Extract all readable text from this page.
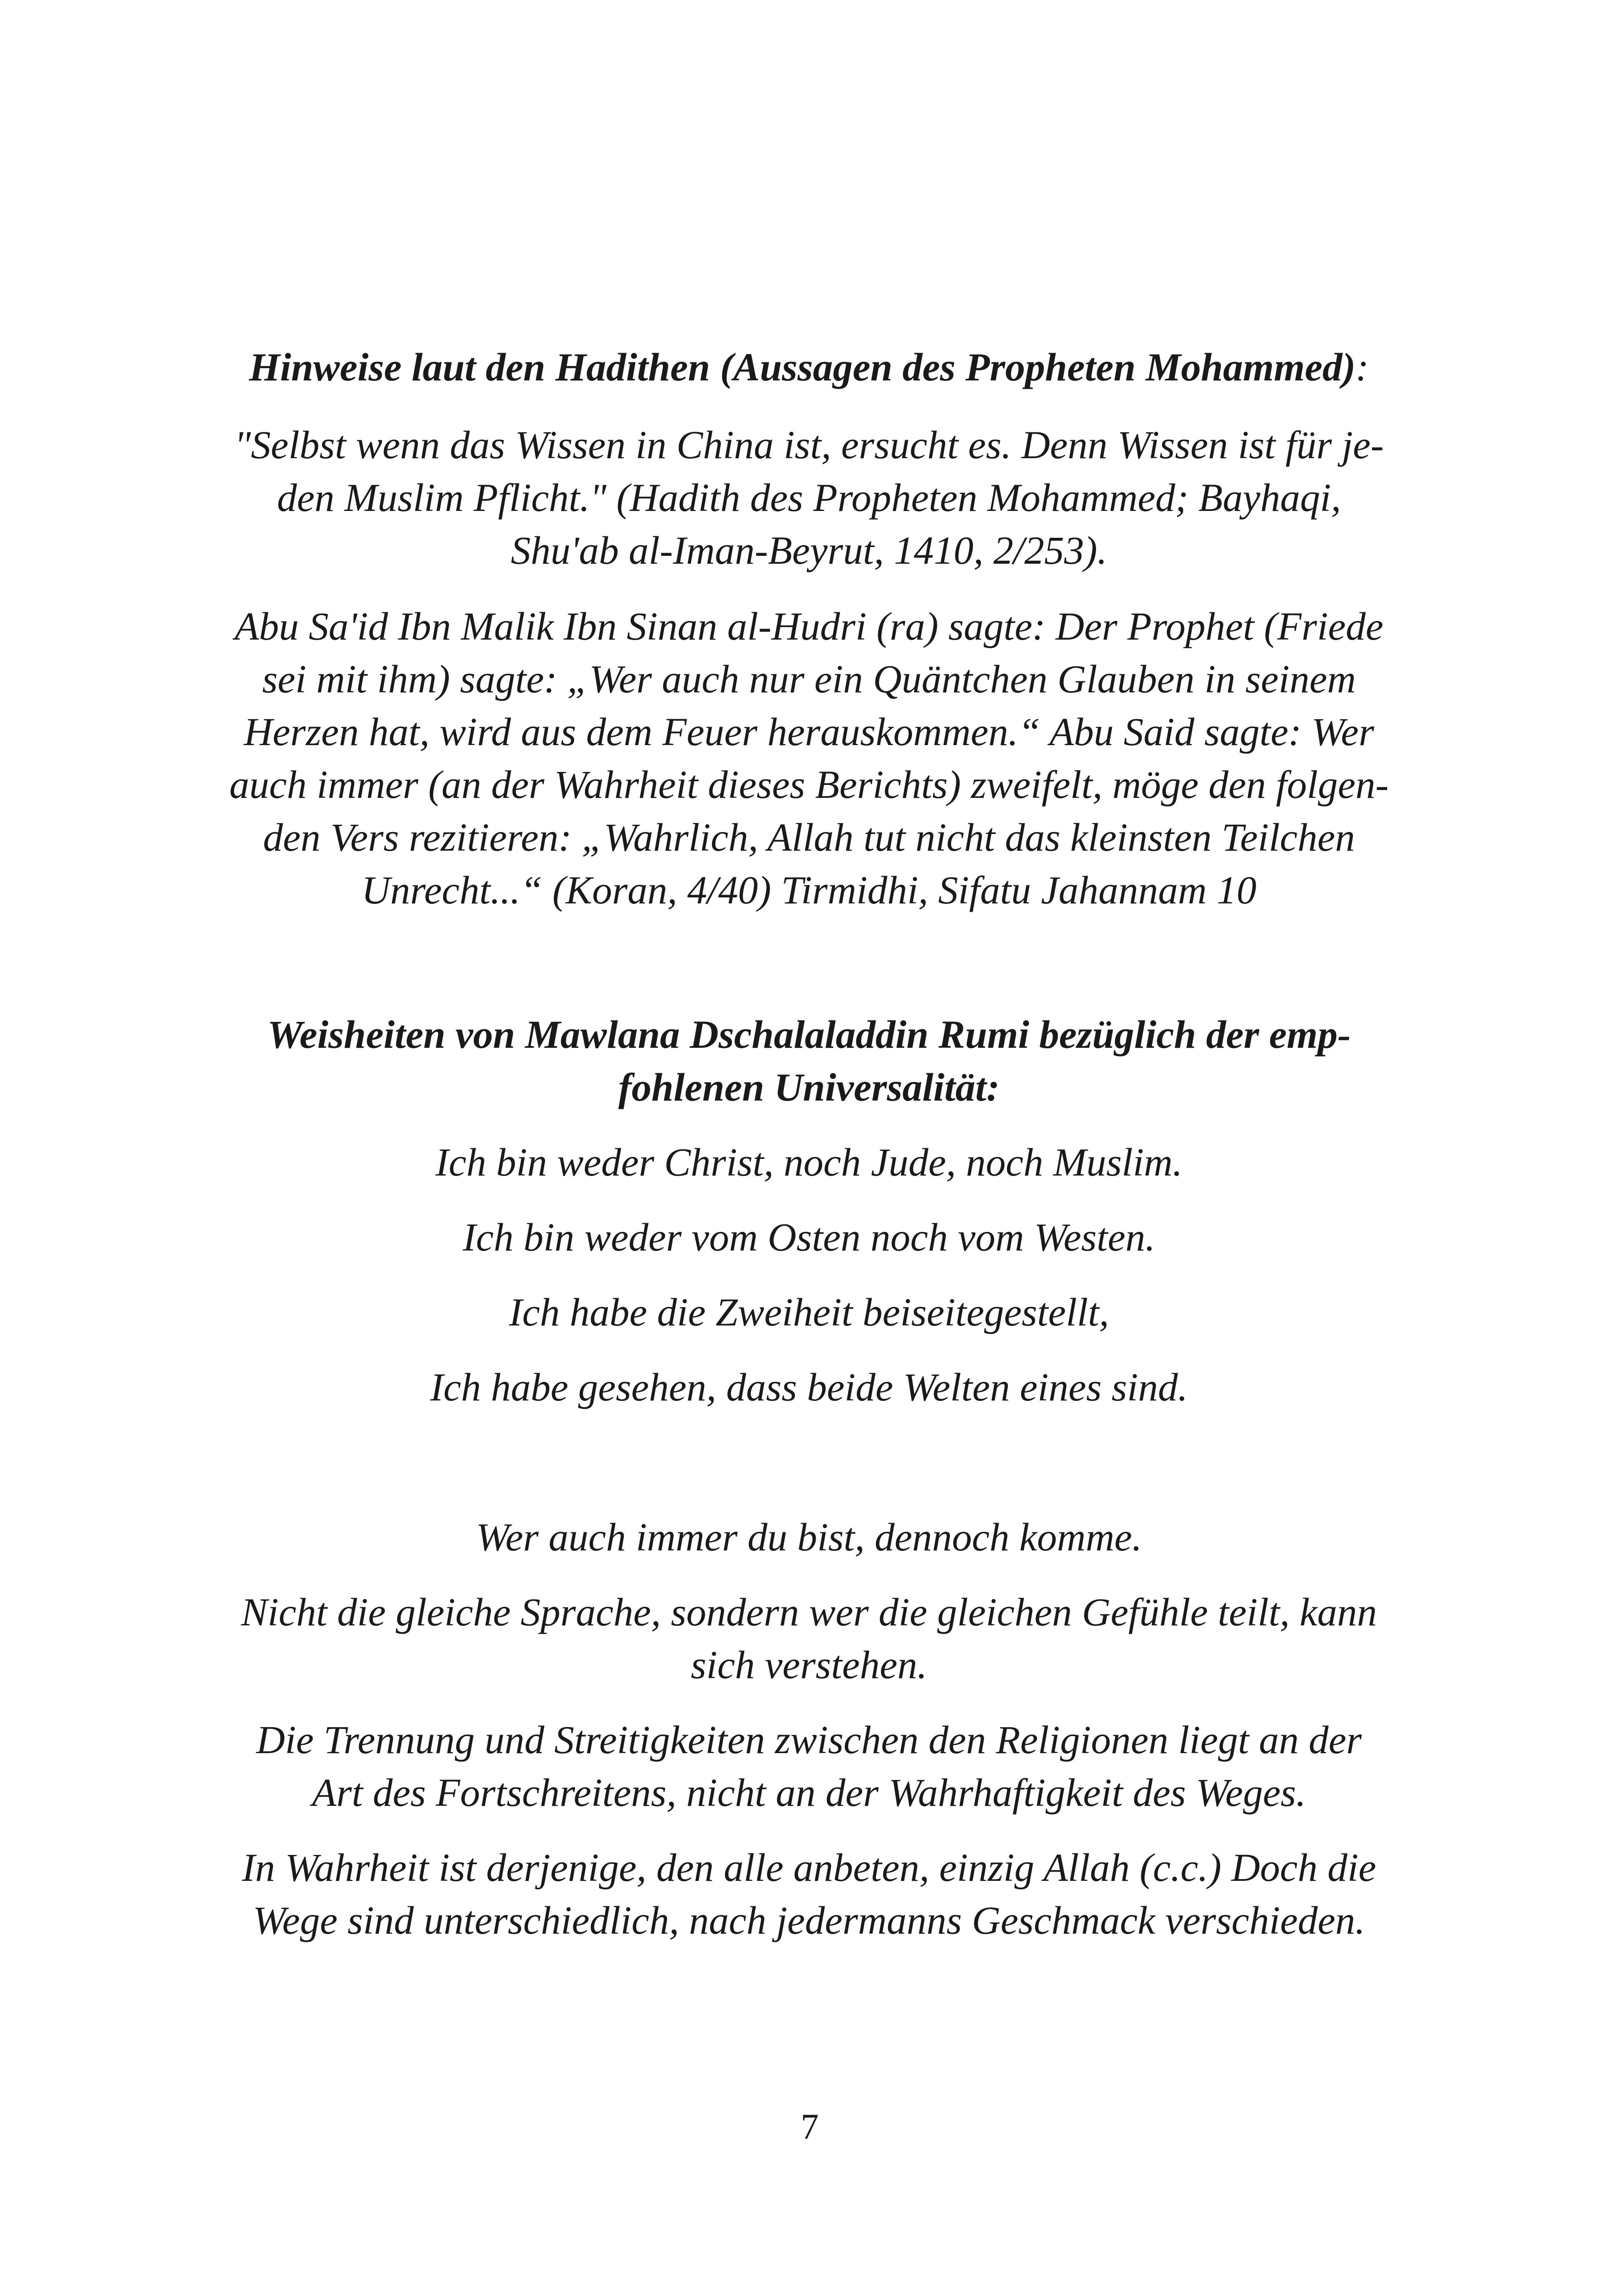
Hinweise laut den Hadithen (Aussagen des Propheten Mohammed):

"Selbst wenn das Wissen in China ist, ersucht es. Denn Wissen ist für je-

den Muslim Pflicht." (Hadith des Propheten Mohammed; Bayhaqi,

Shu'ab al-Iman-Beyrut, 1410, 2/253).

Abu Sa'id Ibn Malik Ibn Sinan al-Hudri (ra) sagte: Der Prophet (Friede

sei mit ihm) sagte: „Wer auch nur ein Quäntchen Glauben in seinem

Herzen hat, wird aus dem Feuer herauskommen.“ Abu Said sagte: Wer

auch immer (an der Wahrheit dieses Berichts) zweifelt, möge den folgen-

den Vers rezitieren: „Wahrlich, Allah tut nicht das kleinsten Teilchen

Unrecht...“ (Koran, 4/40) Tirmidhi, Sifatu Jahannam 10

Weisheiten von Mawlana Dschalaladdin Rumi bezüglich der emp-

fohlenen Universalität:

Ich bin weder Christ, noch Jude, noch Muslim.

Ich bin weder vom Osten noch vom Westen.

Ich habe die Zweiheit beiseitegestellt,

Ich habe gesehen, dass beide Welten eines sind.

Wer auch immer du bist, dennoch komme.

Nicht die gleiche Sprache, sondern wer die gleichen Gefühle teilt, kann

sich verstehen.

Die Trennung und Streitigkeiten zwischen den Religionen liegt an der

Art des Fortschreitens, nicht an der Wahrhaftigkeit des Weges.

In Wahrheit ist derjenige, den alle anbeten, einzig Allah (c.c.) Doch die

Wege sind unterschiedlich, nach jedermanns Geschmack verschieden.

7
